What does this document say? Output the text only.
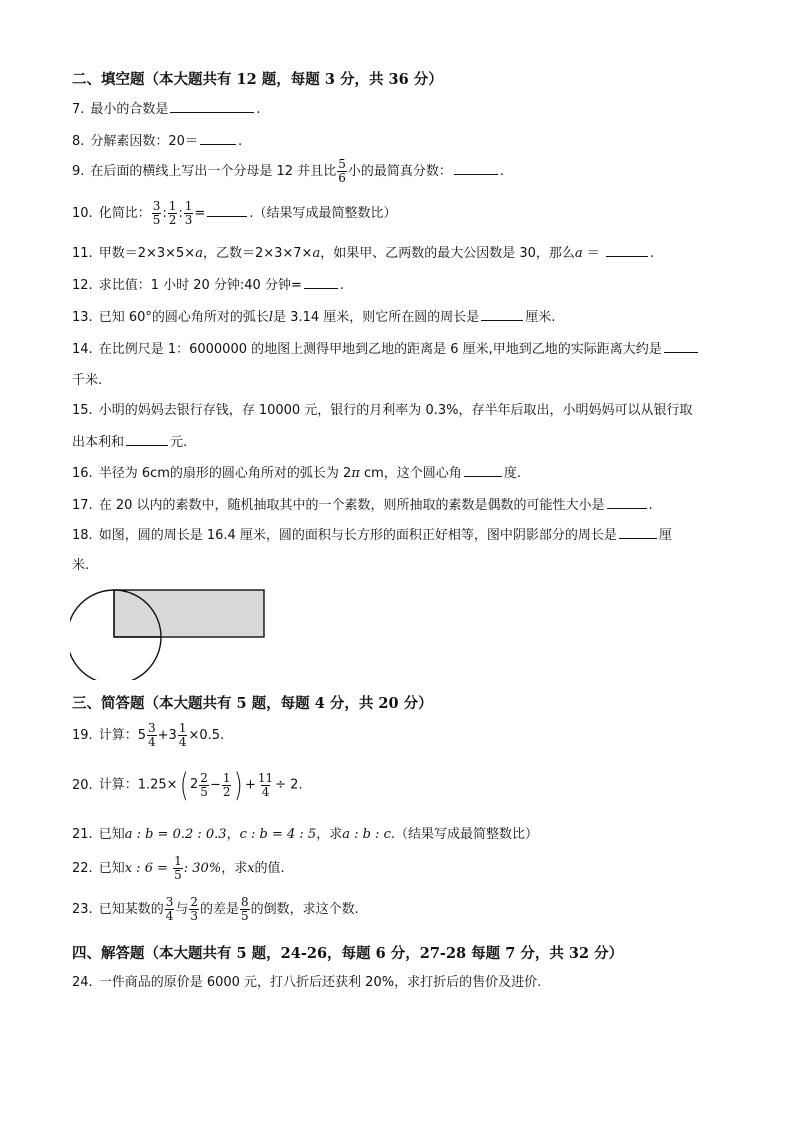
二、填空题（本大题共有 12 题，每题 3 分，共 36 分）
7. 最小的合数是	.
8. 分解素因数：20＝	.
9. 在后面的横线上写出一个分母是 12 并且比 $\frac{5}{6}$ 小的最简真分数：	.
10. 化简比： $\frac{3}{5}$ : $\frac{1}{2}$ : $\frac{1}{3}$ =	.（结果写成最简整数比）
11. 甲数＝2×3×5×a，乙数＝2×3×7×a，如果甲、乙两数的最大公因数是 30，那么a ＝	.
12. 求比值：1 小时 20 分钟:40 分钟=	.
13. 已知 60°的圆心角所对的弧长l是 3.14 厘米，则它所在圆的周长是	厘米.
14. 在比例尺是 1：6000000 的地图上测得甲地到乙地的距离是 6 厘米,甲地到乙地的实际距离大约是
千米.
15. 小明的妈妈去银行存钱，存 10000 元，银行的月利率为 0.3%，存半年后取出，小明妈妈可以从银行取
出本利和	元.
16. 半径为 6cm的扇形的圆心角所对的弧长为 2π cm，这个圆心角	度.
17. 在 20 以内的素数中，随机抽取其中的一个素数，则所抽取的素数是偶数的可能性大小是	.
18. 如图，圆的周长是 16.4 厘米，圆的面积与长方形的面积正好相等，图中阴影部分的周长是	厘
米.
三、简答题（本大题共有 5 题，每题 4 分，共 20 分）
19. 计算： $5 \frac{3}{4} + 3 \frac{1}{4} \times 0.5$.
20. 计算：1.25×( $2 \frac{2}{5} - \frac{1}{2}$ ) + $\frac{11}{4} \div 2$.
21. 已知a : b = 0.2 : 0.3，c : b = 4 : 5，求a : b : c.（结果写成最简整数比）
22. 已知x : $6 = \frac{1}{5}$ : 30%，求x的值.
23. 已知某数的 $\frac{3}{4}$ 与 $\frac{2}{3}$ 的差是 $\frac{8}{5}$ 的倒数，求这个数.
四、解答题（本大题共有 5 题，24-26，每题 6 分，27-28 每题 7 分，共 32 分）
24. 一件商品的原价是 6000 元，打八折后还获利 20%，求打折后的售价及进价.
